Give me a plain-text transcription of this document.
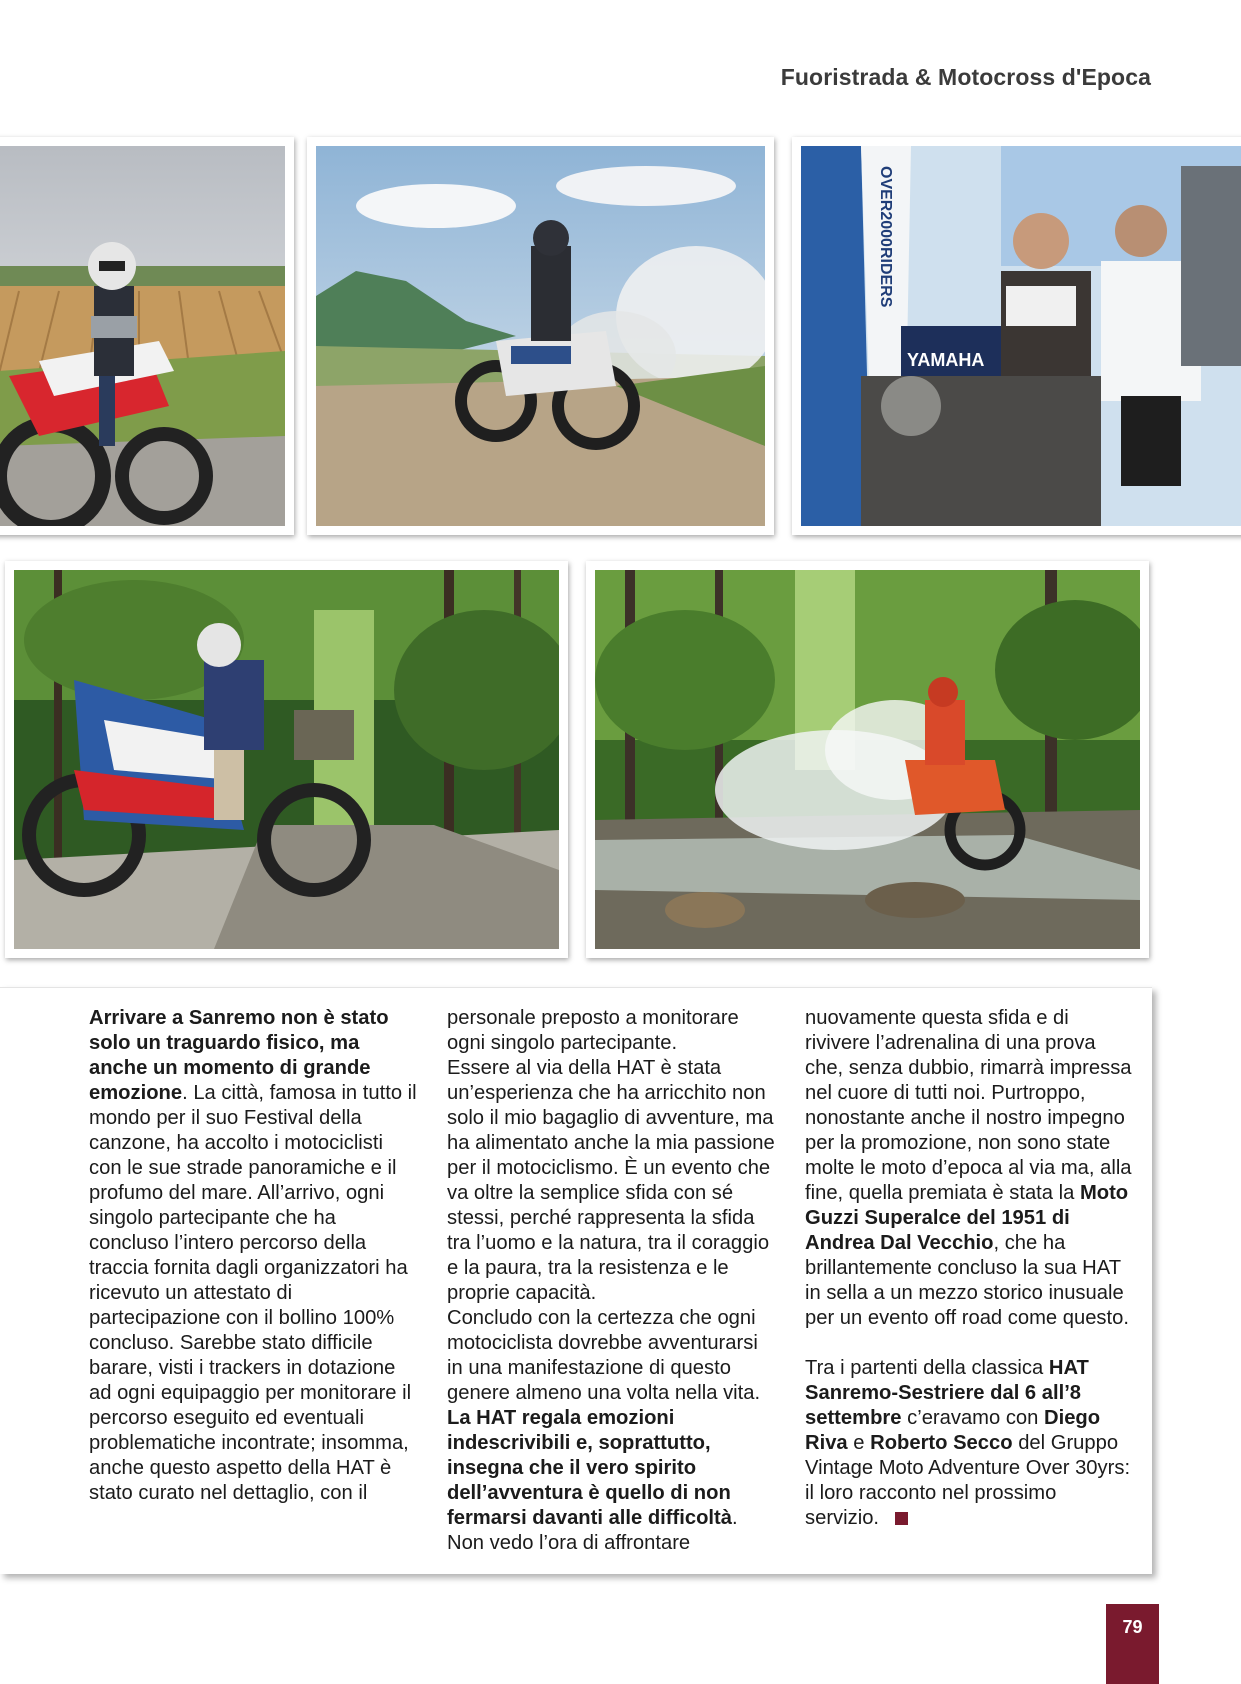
Fuoristrada & Motocross d'Epoca
OVER2000RIDERS
YAMAHA

Arrivare a Sanremo non è stato solo un traguardo fisico, ma anche un momento di grande emozione. La città, famosa in tutto il mondo per il suo Festival della canzone, ha accolto i motociclisti con le sue strade panoramiche e il profumo del mare. All’arrivo, ogni singolo partecipante che ha concluso l’intero percorso della traccia fornita dagli organizzatori ha ricevuto un attestato di partecipazione con il bollino 100% concluso. Sarebbe stato difficile barare, visti i trackers in dotazione ad ogni equipaggio per monitorare il percorso eseguito ed eventuali problematiche incontrate; insomma, anche questo aspetto della HAT è stato curato nel dettaglio, con il

personale preposto a monitorare ogni singolo partecipante.

Essere al via della HAT è stata un’esperienza che ha arricchito non solo il mio bagaglio di avventure, ma ha alimentato anche la mia passione per il motociclismo. È un evento che va oltre la semplice sfida con sé stessi, perché rappresenta la sfida tra l’uomo e la natura, tra il coraggio e la paura, tra la resistenza e le proprie capacità.

Concludo con la certezza che ogni motociclista dovrebbe avventurarsi in una manifestazione di questo genere almeno una volta nella vita. La HAT regala emozioni indescrivibili e, soprattutto, insegna che il vero spirito dell’avventura è quello di non fermarsi davanti alle difficoltà. Non vedo l’ora di affrontare

nuovamente questa sfida e di rivivere l’adrenalina di una prova che, senza dubbio, rimarrà impressa nel cuore di tutti noi. Purtroppo, nonostante anche il nostro impegno per la promozione, non sono state molte le moto d’epoca al via ma, alla fine, quella premiata è stata la Moto Guzzi Superalce del 1951 di Andrea Dal Vecchio, che ha brillantemente concluso la sua HAT in sella a un mezzo storico inusuale per un evento off road come questo.

Tra i partenti della classica HAT Sanremo-Sestriere dal 6 all’8 settembre c’eravamo con Diego Riva e Roberto Secco del Gruppo Vintage Moto Adventure Over 30yrs: il loro racconto nel prossimo servizio.

79
